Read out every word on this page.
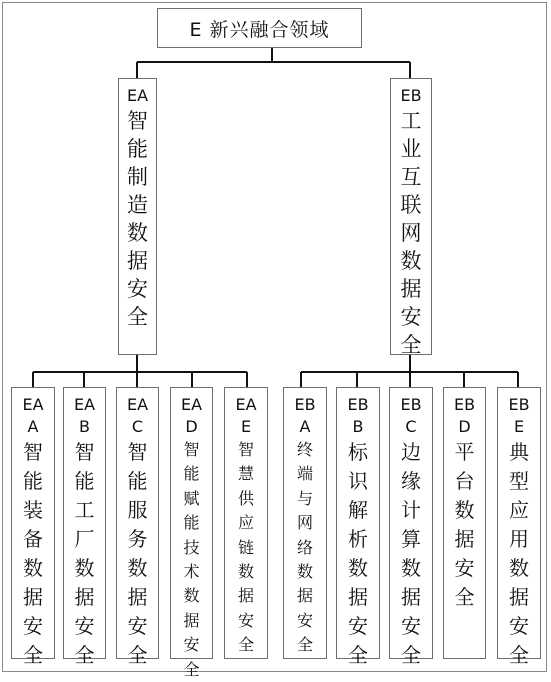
E 新兴融合领域
EA
智
能
制
造
数
据
安
全
EB
工
业
互
联
网
数
据
安
全
EA
A
智
能
装
备
数
据
安
全
EA
B
智
能
工
厂
数
据
安
全
EA
C
智
能
服
务
数
据
安
全
EA
D
智
能
赋
能
技
术
数
据
安
全
EA
E
智
慧
供
应
链
数
据
安
全
EB
A
终
端
与
网
络
数
据
安
全
EB
B
标
识
解
析
数
据
安
全
EB
C
边
缘
计
算
数
据
安
全
EB
D
平
台
数
据
安
全
EB
E
典
型
应
用
数
据
安
全
